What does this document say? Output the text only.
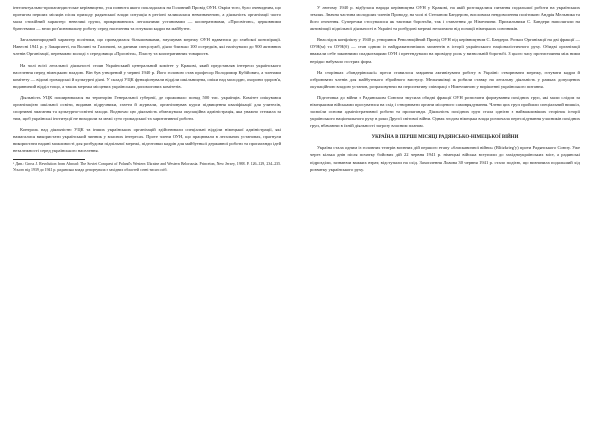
інтелектуально-пропагандистське керівництво, уся повнота якого покладалася на Головний Провід ОУН. Окрім того, було очевидним, що протягом перших місяців після приходу радянської влади ситуація в регіоні залишалася невизначеною, а діяльність організації часто мала стихійний характер: невеликі групи, прикриваючись легальними установами — кооперативами, «Просвітою», церковними братствами — вели роз'яснювальну роботу серед населення та готували кадри на майбутнє.

Загальнонародний характер політики, що провадилася більшовиками, змушував мережу ОУН вдаватися до глибокої конспірації. Навесні 1941 р. у Закарпатті, на Волині та Галичині, за даними спецслужб, діяло близько 100 осередків, які налічували до 900 активних членів Організації, переважно молоді з середовища «Просвіти», Пласту та кооперативних товариств.

На чолі всієї легальної діяльності стояв Український центральний комітет у Кракові, який представляв інтереси українського населення перед німецькою владою. Він був утворений у червні 1940 р. Його головою став професор Володимир Кубійович, а членами комітету — відомі громадські й культурні діячі. У складі УЦК функціонували відділи шкільництва, опіки над молоддю, охорони здоров'я, видавничий відділ тощо, а також мережа місцевих українських допомогових комітетів.

Діяльність УЦК поширювалася на територію Генеральної губернії, де проживало понад 500 тис. українців. Комітет опікувався організацією шкільної освіти, видавав підручники, газети й журнали, організовував курси підвищення кваліфікації для учителів, спортивні змагання та культурно-освітні заходи. Водночас цю діяльність обмежувала окупаційна адміністрація, яка уважно стежила за тим, щоб українські інституції не виходили за межі суто громадської та харитативної роботи.

Контроль над діяльністю УЦК та інших українських організацій здійснювали спеціальні відділи німецької адміністрації, які намагалися використати український чинник у власних інтересах. Проте члени ОУН, що працювали в легальних установах, прагнули використати надані можливості для розбудови підпільної мережі, підготовки кадрів для майбутньої державної роботи та пропаганди ідей незалежності серед українського населення.

¹ Див.: Gross J. Revolution from Abroad: The Soviet Conquest of Poland's Western Ukraine and Western Belorussia. Princeton, New Jersey, 1988. P. 126–129, 234–235. Усього від 1939 до 1941 р. радянська влада депортувала з західних областей сотні тисяч осіб.

У лютому 1940 р. відбулася нарада керівництва ОУН у Кракові, на якій розглядалися питання подальшої роботи на українських землях. Значна частина молодших членів Проводу, на чолі зі Степаном Бандерою, висловила невдоволення політикою Андрія Мельника та його оточення. Суперечки стосувалися як тактики боротьби, так і ставлення до Німеччини. Прихильники С. Бандери наполягали на активізації підпільної діяльності в Україні та розбудові мережі незалежно від позиції німецьких союзників.

Внаслідок конфлікту у 1940 р. утворився Революційний Провід ОУН під керівництвом С. Бандери. Розкол Організації на дві фракції — ОУН(м) та ОУН(б) — став одним із найдраматичніших моментів в історії українського націоналістичного руху. Обидві організації вважали себе законними спадкоємцями ОУН і претендували на провідну роль у визвольній боротьбі. З цього часу протистояння між ними нерідко набувало гострих форм.

На сторінках «бандерівської» преси ставилося завдання активізувати роботу в Україні: створювати мережу, готувати кадри й озброювати членів для майбутнього збройного виступу. Мельниківці ж робили ставку на легальну діяльність у рамках допущених окупаційною владою установ, розраховуючи на перспективу співпраці з Німеччиною у вирішенні українського питання.

Підготовка до війни з Радянським Союзом змусила обидві фракції ОУН розпочати формування похідних груп, які мали слідом за німецькими військами просуватися на схід і створювати органи місцевого самоврядування. Члени цих груп пройшли спеціальний вишкіл, засвоїли основи адміністративної роботи та пропаганди. Діяльність похідних груп стала однією з найважливіших сторінок історії українського національного руху в роки Другої світової війни. Однак згодом німецька влада розпочала переслідування учасників похідних груп, вбачаючи в їхній діяльності загрозу власним планам.

УКРАЇНА В ПЕРШІ МІСЯЦІ РАДЯНСЬКО-НІМЕЦЬКОЇ ВІЙНИ

Україна стала одним із головних театрів воєнних дій першого етапу «блискавичної війни» (Blitzkrieg'у) проти Радянського Союзу. Уже через кілька днів після початку бойових дій 22 червня 1941 р. німецькі війська вступили до західноукраїнських міст, а радянські підрозділи, зазнаючи важких втрат, відступали на схід. Захоплення Львова 30 червня 1941 р. стало подією, що визначила подальший хід розвитку українського руху.
